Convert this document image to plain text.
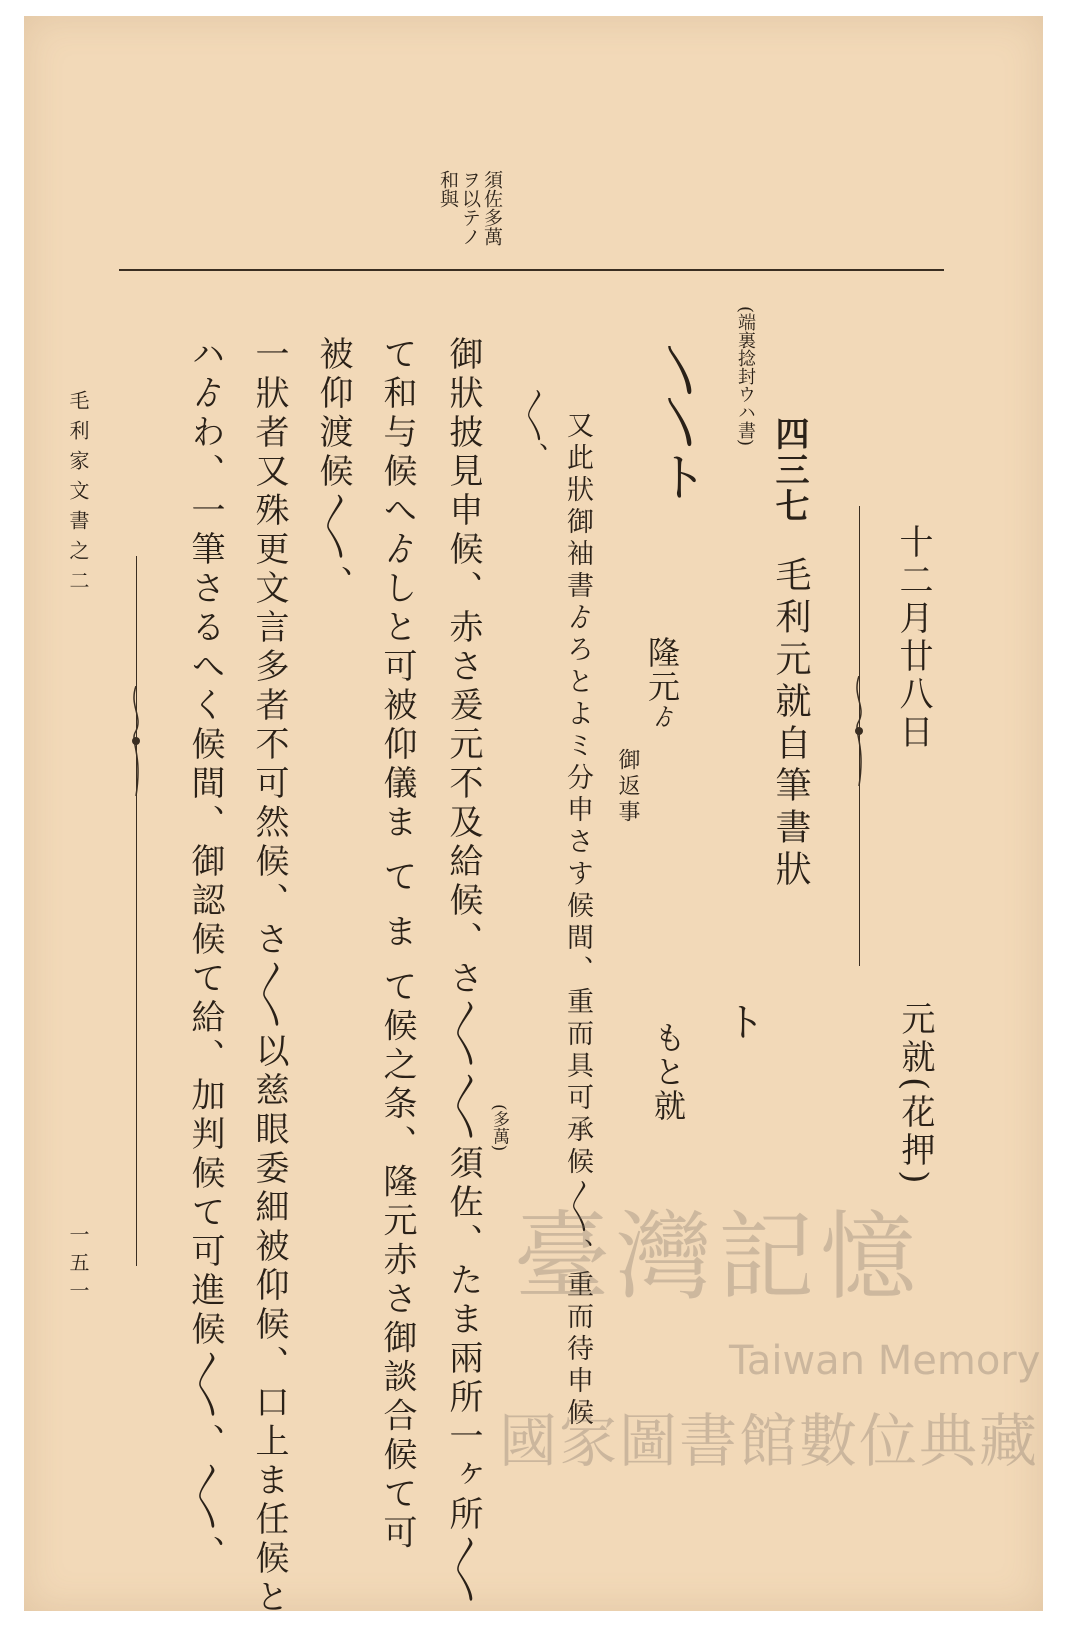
須佐多萬
ヲ以テノ
和與
十二月廿八日
元就(花押)
四三七
毛利元就自筆書狀
(端裏捻封ウハ書)
〵〵ト
隆元ゟ
御返事
もと就 ト
又此狀御袖書ゟろとよミ分申さす候間、重而具可承候〳〵、重而待申候
〳〵、
御狀披見申候、赤さ爰元不及給候、さ〳〵〳〵須佐、たま兩所一ヶ所〳〵 (多萬)
て和与候へゟしと可被仰儀ま て ま て候之条、隆元赤さ御談合候て可
被仰渡候〳〵、
一狀者又殊更文言多者不可然候、さ〳〵以慈眼委細被仰候、口上ま任候と
ハゟわ、一筆さるへく候間、御認候て給、加判候て可進候〳〵、〳〵、
毛利家文書之二
一五一	臺灣記憶
Taiwan Memory
國家圖書館數位典藏
